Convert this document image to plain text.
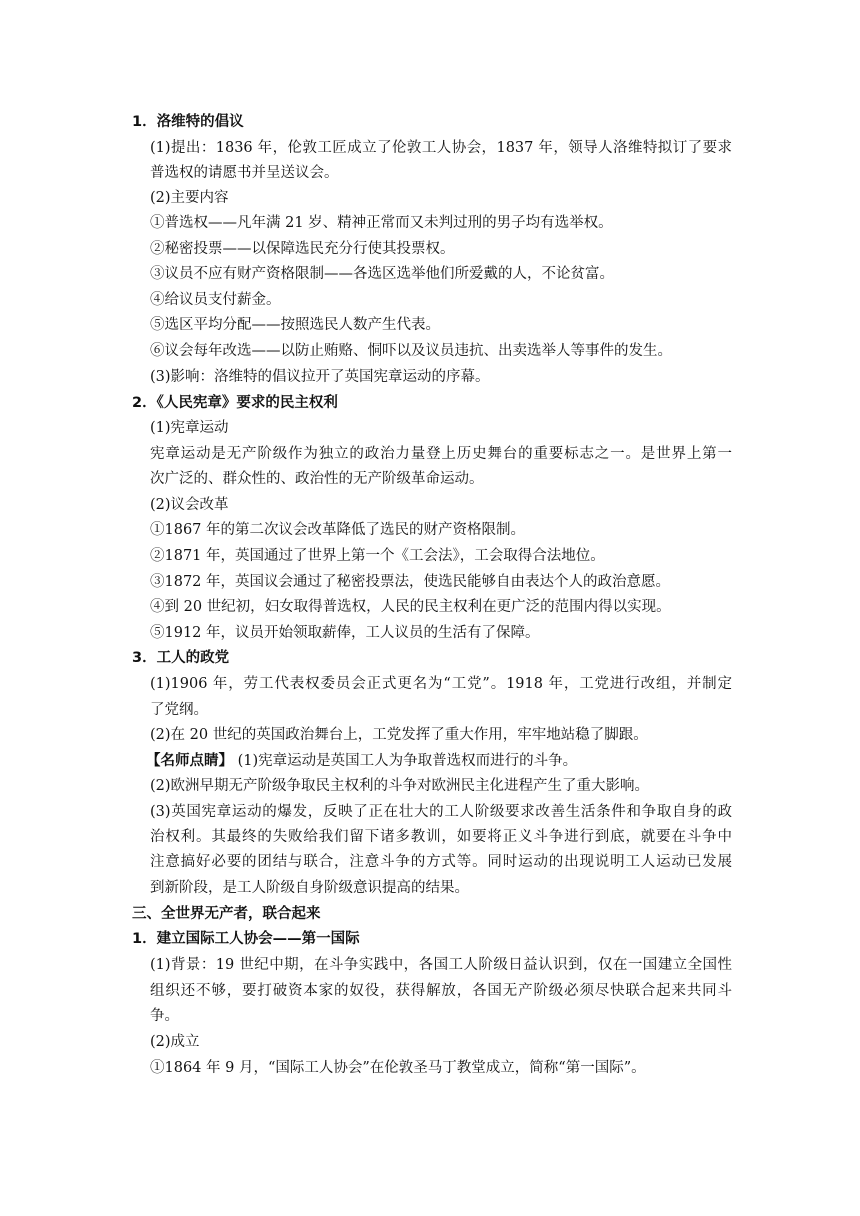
1．洛维特的倡议
(1)提出：1836 年，伦敦工匠成立了伦敦工人协会，1837 年，领导人洛维特拟订了要求
普选权的请愿书并呈送议会。
(2)主要内容
①普选权——凡年满 21 岁、精神正常而又未判过刑的男子均有选举权。
②秘密投票——以保障选民充分行使其投票权。
③议员不应有财产资格限制——各选区选举他们所爱戴的人，不论贫富。
④给议员支付薪金。
⑤选区平均分配——按照选民人数产生代表。
⑥议会每年改选——以防止贿赂、恫吓以及议员违抗、出卖选举人等事件的发生。
(3)影响：洛维特的倡议拉开了英国宪章运动的序幕。
2．《人民宪章》要求的民主权利
(1)宪章运动
宪章运动是无产阶级作为独立的政治力量登上历史舞台的重要标志之一。是世界上第一
次广泛的、群众性的、政治性的无产阶级革命运动。
(2)议会改革
①1867 年的第二次议会改革降低了选民的财产资格限制。
②1871 年，英国通过了世界上第一个《工会法》，工会取得合法地位。
③1872 年，英国议会通过了秘密投票法，使选民能够自由表达个人的政治意愿。
④到 20 世纪初，妇女取得普选权，人民的民主权利在更广泛的范围内得以实现。
⑤1912 年，议员开始领取薪俸，工人议员的生活有了保障。
3．工人的政党
(1)1906 年，劳工代表权委员会正式更名为“工党”。1918 年，工党进行改组，并制定
了党纲。
(2)在 20 世纪的英国政治舞台上，工党发挥了重大作用，牢牢地站稳了脚跟。
【名师点睛】 (1)宪章运动是英国工人为争取普选权而进行的斗争。
(2)欧洲早期无产阶级争取民主权利的斗争对欧洲民主化进程产生了重大影响。
(3)英国宪章运动的爆发，反映了正在壮大的工人阶级要求改善生活条件和争取自身的政
治权利。其最终的失败给我们留下诸多教训，如要将正义斗争进行到底，就要在斗争中
注意搞好必要的团结与联合，注意斗争的方式等。同时运动的出现说明工人运动已发展
到新阶段，是工人阶级自身阶级意识提高的结果。
三、全世界无产者，联合起来
1．建立国际工人协会——第一国际
(1)背景：19 世纪中期，在斗争实践中，各国工人阶级日益认识到，仅在一国建立全国性
组织还不够，要打破资本家的奴役，获得解放，各国无产阶级必须尽快联合起来共同斗
争。
(2)成立
①1864 年 9 月，“国际工人协会”在伦敦圣马丁教堂成立，简称“第一国际”。
